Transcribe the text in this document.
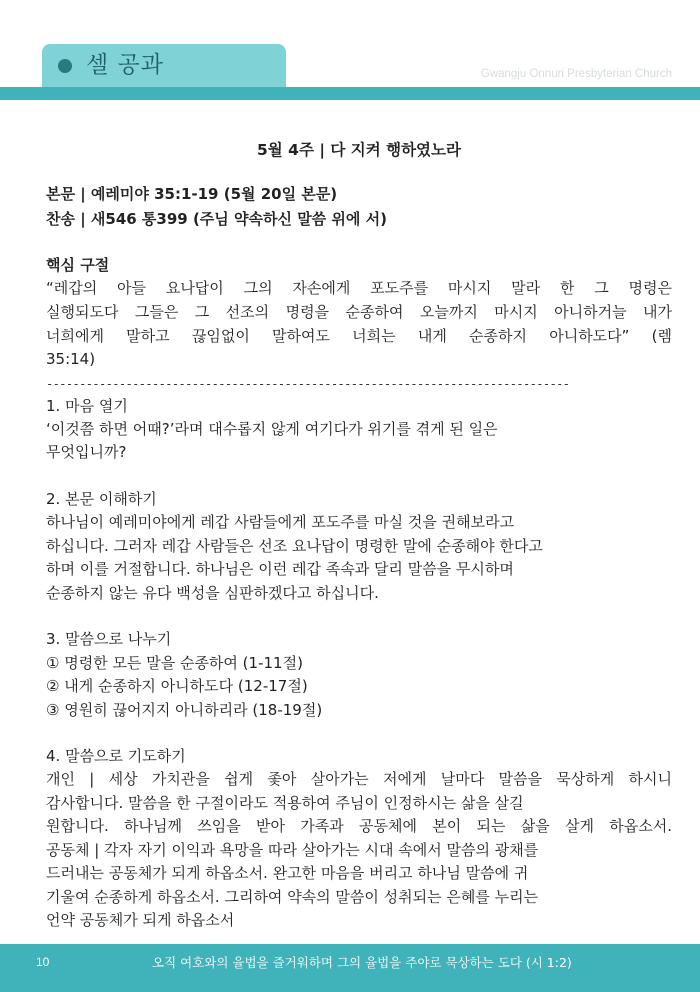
셀 공과	Gwangju Onnuri Presbyterian Church
5월 4주 | 다 지켜 행하였노라
본문 | 예레미야 35:1-19 (5월 20일 본문)
찬송 | 새546 통399 (주님 약속하신 말씀 위에 서)
핵심 구절
“레갑의 아들 요나답이 그의 자손에게 포도주를 마시지 말라 한 그 명령은
실행되도다 그들은 그 선조의 명령을 순종하여 오늘까지 마시지 아니하거늘 내가
너희에게 말하고 끊임없이 말하여도 너희는 내게 순종하지 아니하도다” (렘
35:14)
-------------------------------------------------------------------------------
1. 마음 열기
‘이것쯤 하면 어때?’라며 대수롭지 않게 여기다가 위기를 겪게 된 일은
무엇입니까?
2. 본문 이해하기
하나님이 예레미야에게 레갑 사람들에게 포도주를 마실 것을 권해보라고
하십니다. 그러자 레갑 사람들은 선조 요나답이 명령한 말에 순종해야 한다고
하며 이를 거절합니다. 하나님은 이런 레갑 족속과 달리 말씀을 무시하며
순종하지 않는 유다 백성을 심판하겠다고 하십니다.
3. 말씀으로 나누기
① 명령한 모든 말을 순종하여 (1-11절)
② 내게 순종하지 아니하도다 (12-17절)
③ 영원히 끊어지지 아니하리라 (18-19절)
4. 말씀으로 기도하기
개인 | 세상 가치관을 쉽게 좇아 살아가는 저에게 날마다 말씀을 묵상하게 하시니
감사합니다. 말씀을 한 구절이라도 적용하여 주님이 인정하시는 삶을 살길
원합니다. 하나님께 쓰임을 받아 가족과 공동체에 본이 되는 삶을 살게 하옵소서.
공동체 | 각자 자기 이익과 욕망을 따라 살아가는 시대 속에서 말씀의 광채를
드러내는 공동체가 되게 하옵소서. 완고한 마음을 버리고 하나님 말씀에 귀
기울여 순종하게 하옵소서. 그리하여 약속의 말씀이 성취되는 은혜를 누리는
언약 공동체가 되게 하옵소서
10	오직 여호와의 율법을 즐거워하며 그의 율법을 주야로 묵상하는 도다 (시 1:2)
